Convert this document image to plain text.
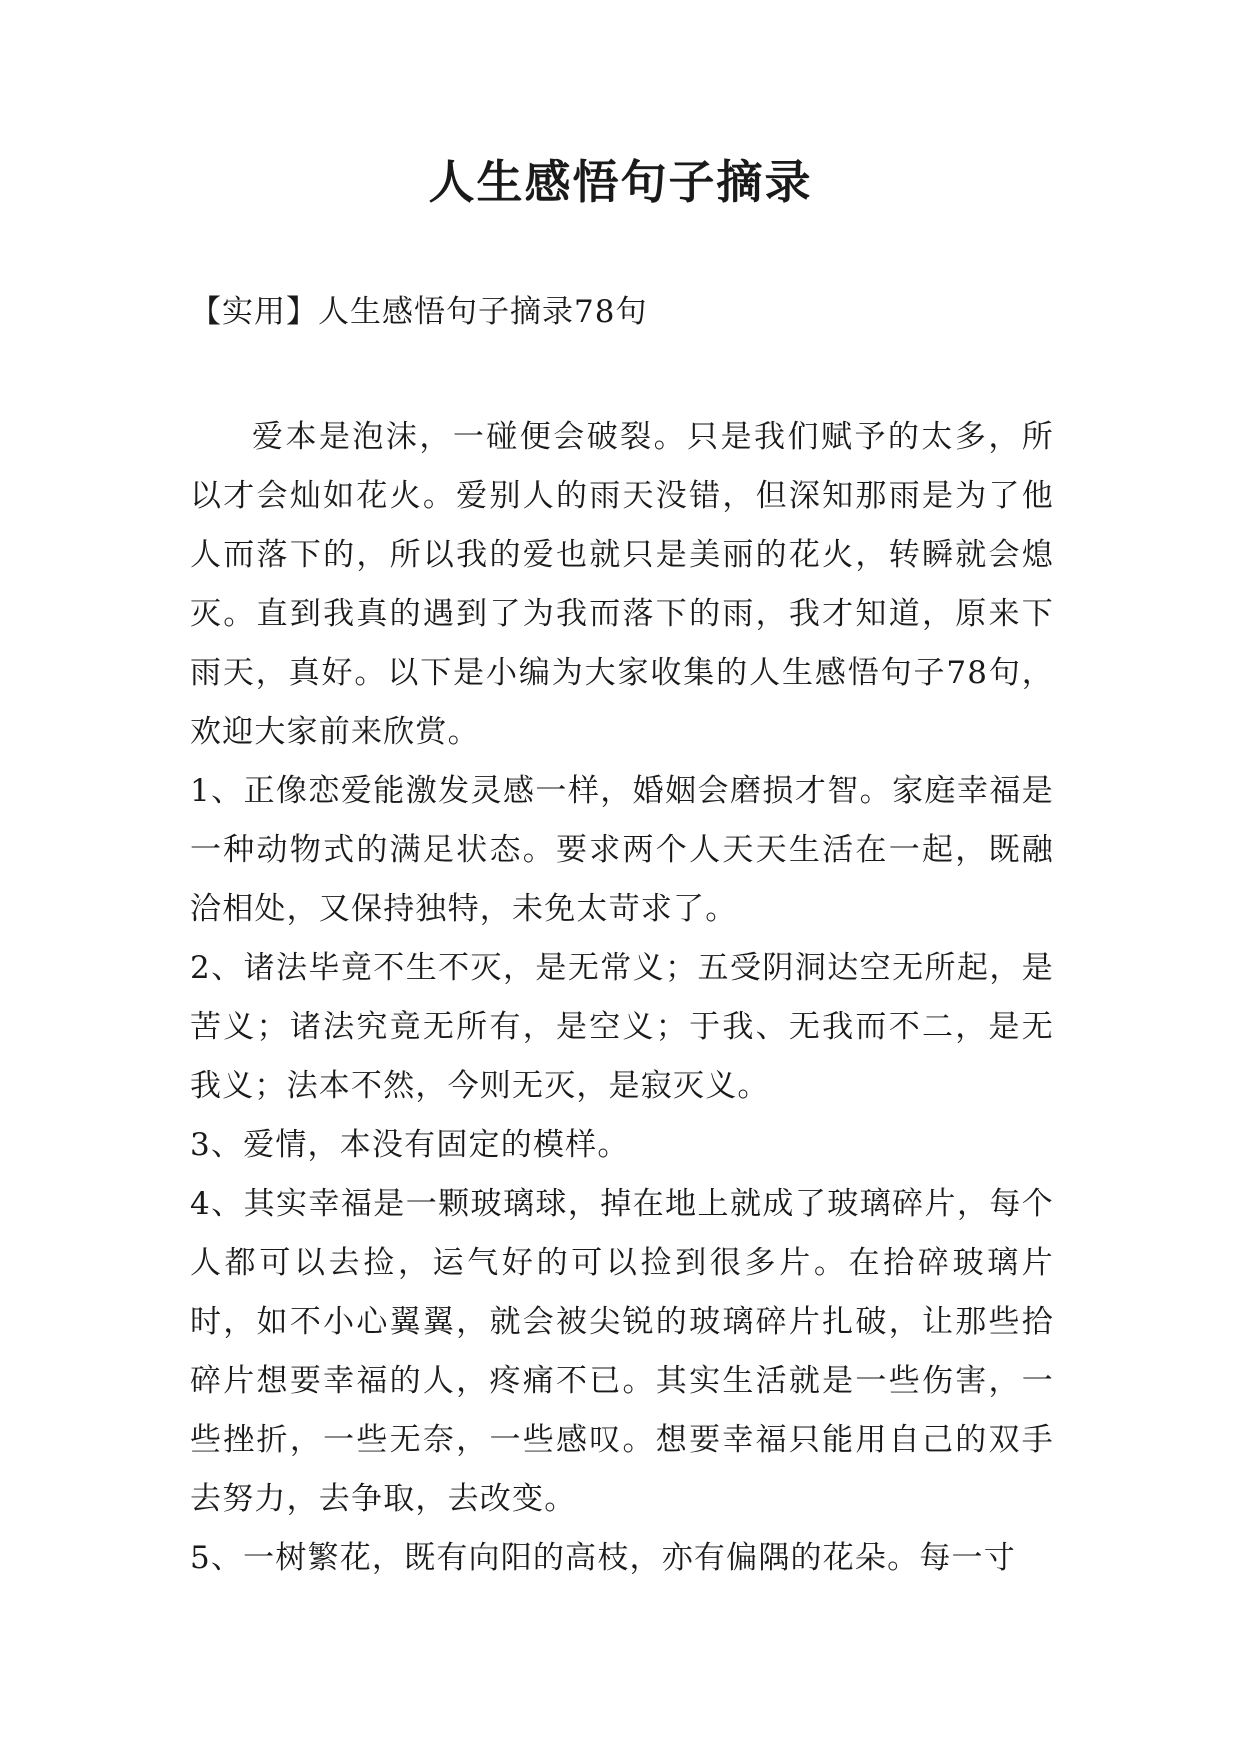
人生感悟句子摘录

【实用】人生感悟句子摘录78句

爱本是泡沫，一碰便会破裂。只是我们赋予的太多，所以才会灿如花火。爱别人的雨天没错，但深知那雨是为了他人而落下的，所以我的爱也就只是美丽的花火，转瞬就会熄灭。直到我真的遇到了为我而落下的雨，我才知道，原来下雨天，真好。以下是小编为大家收集的人生感悟句子78句，欢迎大家前来欣赏。

1、正像恋爱能激发灵感一样，婚姻会磨损才智。家庭幸福是一种动物式的满足状态。要求两个人天天生活在一起，既融洽相处，又保持独特，未免太苛求了。

2、诸法毕竟不生不灭，是无常义；五受阴洞达空无所起，是苦义；诸法究竟无所有，是空义；于我、无我而不二，是无我义；法本不然，今则无灭，是寂灭义。

3、爱情，本没有固定的模样。

4、其实幸福是一颗玻璃球，掉在地上就成了玻璃碎片，每个人都可以去捡，运气好的可以捡到很多片。在拾碎玻璃片时，如不小心翼翼，就会被尖锐的玻璃碎片扎破，让那些拾碎片想要幸福的人，疼痛不已。其实生活就是一些伤害，一些挫折，一些无奈，一些感叹。想要幸福只能用自己的双手去努力，去争取，去改变。

5、一树繁花，既有向阳的高枝，亦有偏隅的花朵。每一寸
